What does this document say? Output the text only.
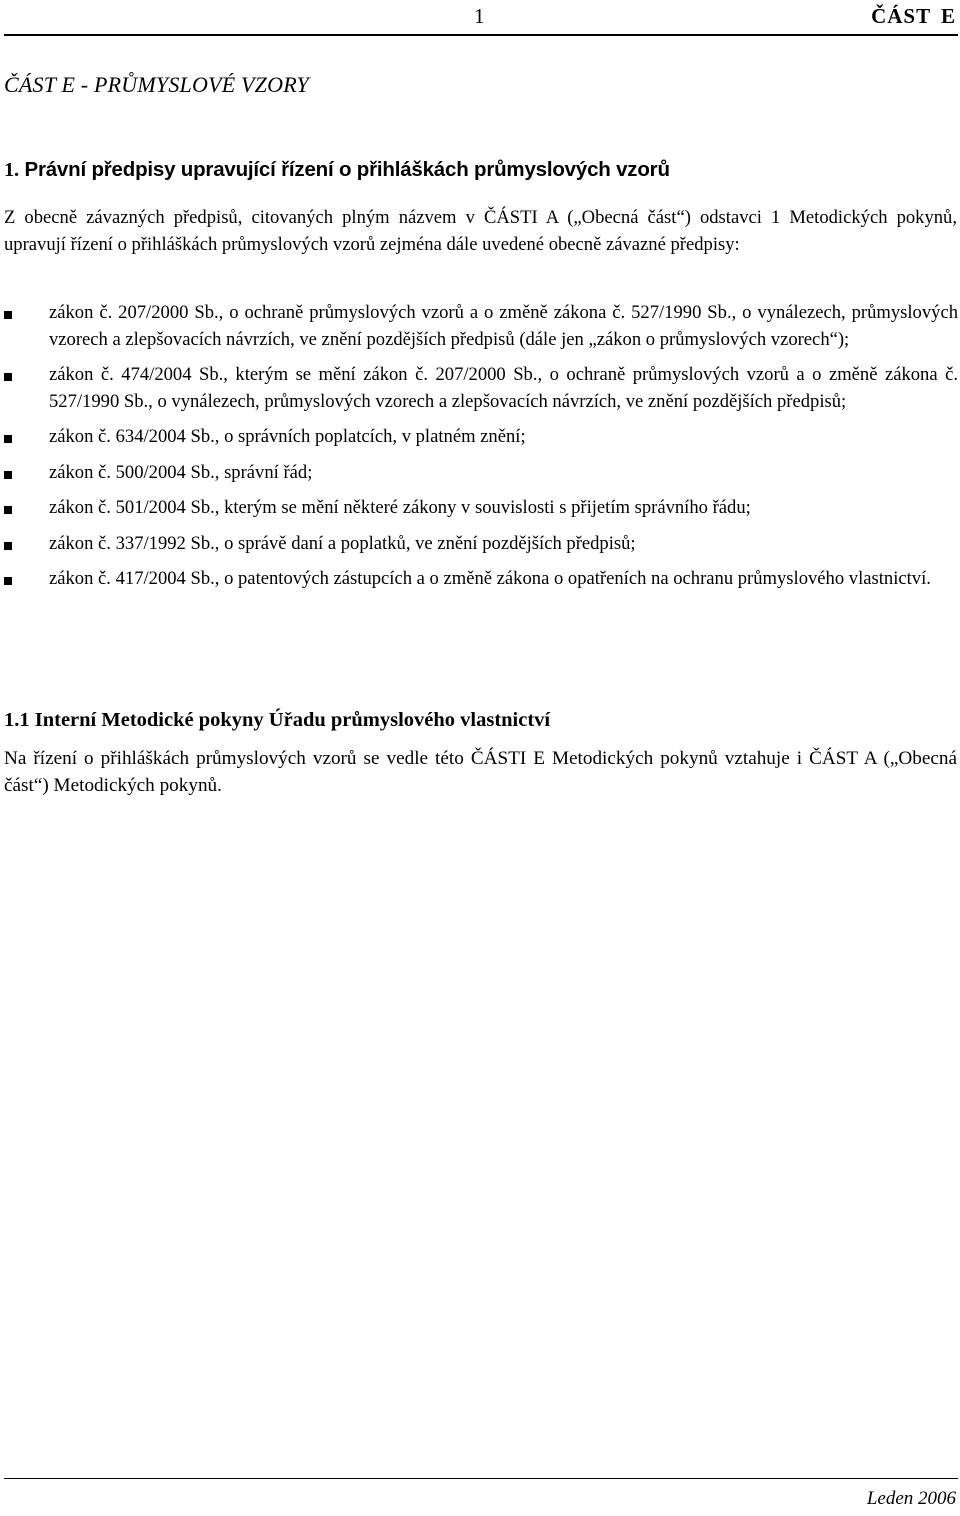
1	ČÁST E
ČÁST E - PRŮMYSLOVÉ VZORY
1. Právní předpisy upravující řízení o přihláškách průmyslových vzorů
Z obecně závazných předpisů, citovaných plným názvem v ČÁSTI A („Obecná část“) odstavci 1 Metodických pokynů, upravují řízení o přihláškách průmyslových vzorů zejména dále uvedené obecně závazné předpisy:
zákon č. 207/2000 Sb., o ochraně průmyslových vzorů a o změně zákona č. 527/1990 Sb., o vynálezech, průmyslových vzorech a zlepšovacích návrzích, ve znění pozdějších předpisů (dále jen „zákon o průmyslových vzorech“);
zákon č. 474/2004 Sb., kterým se mění zákon č. 207/2000 Sb., o ochraně průmyslových vzorů a o změně zákona č. 527/1990 Sb., o vynálezech, průmyslových vzorech a zlepšovacích návrzích, ve znění pozdějších předpisů;
zákon č. 634/2004 Sb., o správních poplatcích, v platném znění;
zákon č. 500/2004 Sb., správní řád;
zákon č. 501/2004 Sb., kterým se mění některé zákony v souvislosti s přijetím správního řádu;
zákon č. 337/1992 Sb., o správě daní a poplatků, ve znění pozdějších předpisů;
zákon č. 417/2004 Sb., o patentových zástupcích a o změně zákona o opatřeních na ochranu průmyslového vlastnictví.
1.1 Interní Metodické pokyny Úřadu průmyslového vlastnictví
Na řízení o přihláškách průmyslových vzorů se vedle této ČÁSTI E Metodických pokynů vztahuje i ČÁST A („Obecná část“) Metodických pokynů.
Leden 2006
